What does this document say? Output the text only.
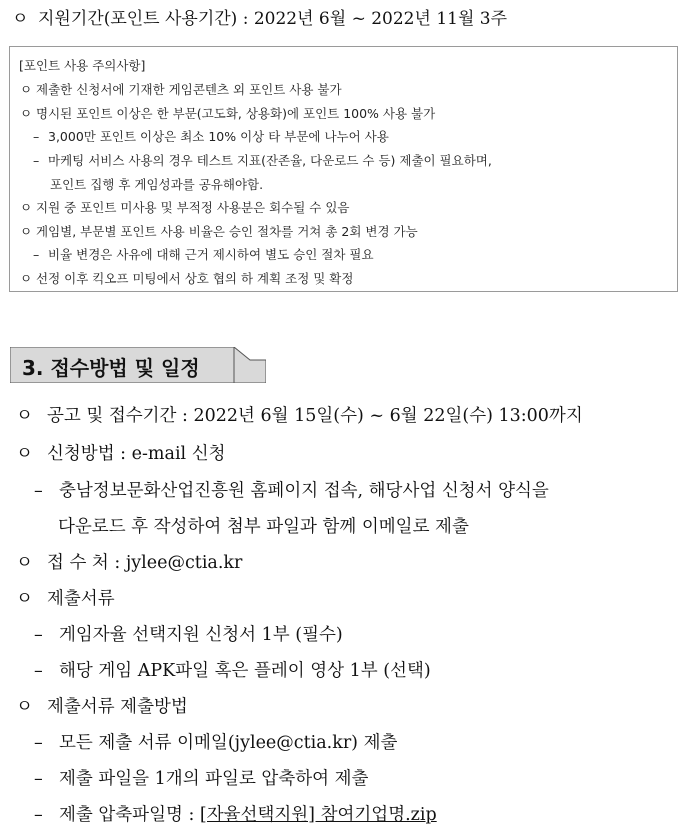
ㅇ 지원기간(포인트 사용기간) : 2022년 6월 ~ 2022년 11월 3주
[포인트 사용 주의사항]
ㅇ 제출한 신청서에 기재한 게임콘텐츠 외 포인트 사용 불가
ㅇ 명시된 포인트 이상은 한 부문(고도화, 상용화)에 포인트 100% 사용 불가
– 3,000만 포인트 이상은 최소 10% 이상 타 부문에 나누어 사용
– 마케팅 서비스 사용의 경우 테스트 지표(잔존율, 다운로드 수 등) 제출이 필요하며,
포인트 집행 후 게임성과를 공유해야함.
ㅇ 지원 중 포인트 미사용 및 부적정 사용분은 회수될 수 있음
ㅇ 게임별, 부문별 포인트 사용 비율은 승인 절차를 거쳐 총 2회 변경 가능
– 비율 변경은 사유에 대해 근거 제시하여 별도 승인 절차 필요
ㅇ 선정 이후 킥오프 미팅에서 상호 협의 하 계획 조정 및 확정
3. 접수방법 및 일정
ㅇ 공고 및 접수기간 : 2022년 6월 15일(수) ~ 6월 22일(수) 13:00까지
ㅇ 신청방법 : e-mail 신청
– 충남정보문화산업진흥원 홈페이지 접속, 해당사업 신청서 양식을
다운로드 후 작성하여 첨부 파일과 함께 이메일로 제출
ㅇ 접 수 처 : jylee@ctia.kr
ㅇ 제출서류
– 게임자율 선택지원 신청서 1부 (필수)
– 해당 게임 APK파일 혹은 플레이 영상 1부 (선택)
ㅇ 제출서류 제출방법
– 모든 제출 서류 이메일(jylee@ctia.kr) 제출
– 제출 파일을 1개의 파일로 압축하여 제출
– 제출 압축파일명 : [자율선택지원] 참여기업명.zip
